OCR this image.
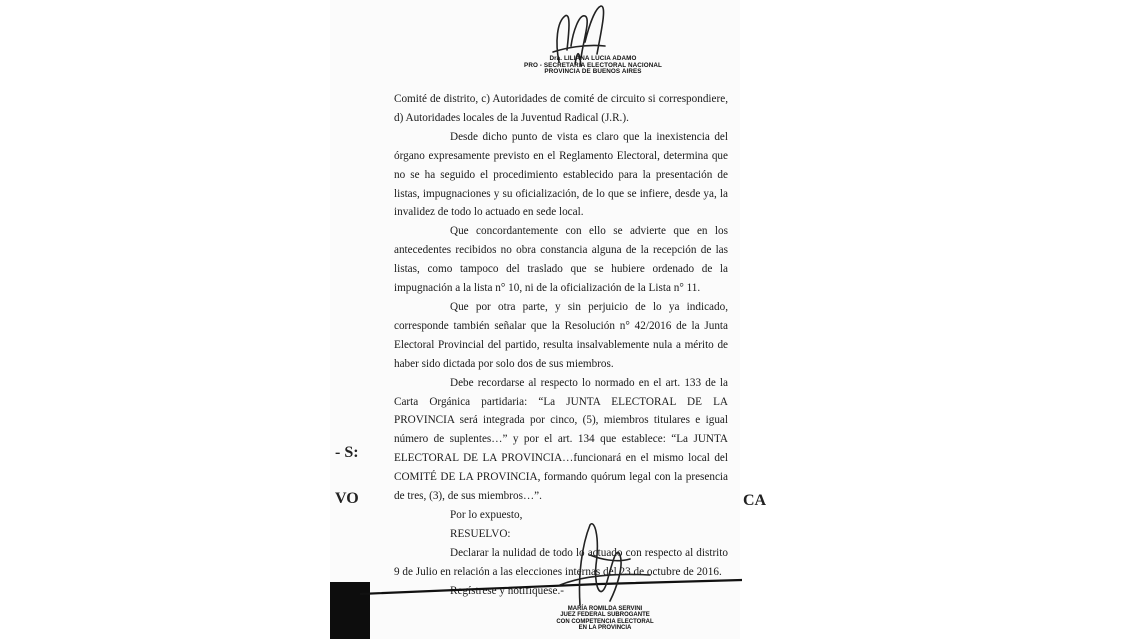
Dra. LILIANA LUCIA ADAMO
PRO - SECRETARIA ELECTORAL NACIONAL
PROVINCIA DE BUENOS AIRES

Comité de distrito, c) Autoridades de comité de circuito si correspondiere, d) Autoridades locales de la Juventud Radical (J.R.).

Desde dicho punto de vista es claro que la inexistencia del órgano expresamente previsto en el Reglamento Electoral, determina que no se ha seguido el procedimiento establecido para la presentación de listas, impugnaciones y su oficialización, de lo que se infiere, desde ya, la invalidez de todo lo actuado en sede local.

Que concordantemente con ello se advierte que en los antecedentes recibidos no obra constancia alguna de la recepción de las listas, como tampoco del traslado que se hubiere ordenado de la impugnación a la lista n° 10, ni de la oficialización de la Lista n° 11.

Que por otra parte, y sin perjuicio de lo ya indicado, corresponde también señalar que la Resolución n° 42/2016 de la Junta Electoral Provincial del partido, resulta insalvablemente nula a mérito de haber sido dictada por solo dos de sus miembros.

Debe recordarse al respecto lo normado en el art. 133 de la Carta Orgánica partidaria: “La JUNTA ELECTORAL DE LA PROVINCIA será integrada por cinco, (5), miembros titulares e igual número de suplentes…” y por el art. 134 que establece: “La JUNTA ELECTORAL DE LA PROVINCIA…funcionará en el mismo local del COMITÉ DE LA PROVINCIA, formando quórum legal con la presencia de tres, (3), de sus miembros…”.

Por lo expuesto,

RESUELVO:

Declarar la nulidad de todo lo actuado con respecto al distrito 9 de Julio en relación a las elecciones internas del 23 de octubre de 2016.

Regístrese y notifíquese.-

- S:
VO	CA
MARÍA ROMILDA SERVINI
JUEZ FEDERAL SUBROGANTE
CON COMPETENCIA ELECTORAL
EN LA PROVINCIA
